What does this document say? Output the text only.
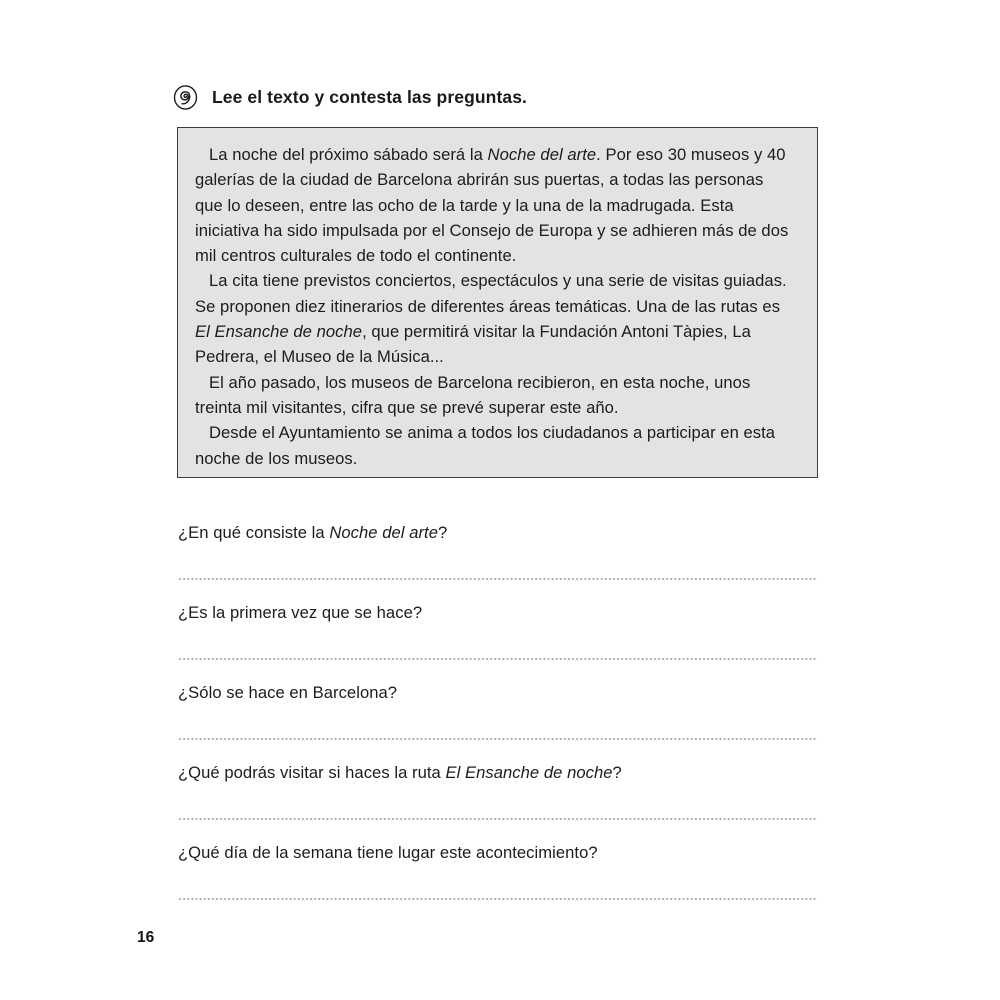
Lee el texto y contesta las preguntas.

La noche del próximo sábado será la Noche del arte. Por eso 30 museos y 40 galerías de la ciudad de Barcelona abrirán sus puertas, a todas las personas que lo deseen, entre las ocho de la tarde y la una de la madrugada. Esta iniciativa ha sido impulsada por el Consejo de Europa y se adhieren más de dos mil centros culturales de todo el continente.

La cita tiene previstos conciertos, espectáculos y una serie de visitas guiadas. Se proponen diez itinerarios de diferentes áreas temáticas. Una de las rutas es El Ensanche de noche, que permitirá visitar la Fundación Antoni Tàpies, La Pedrera, el Museo de la Música...

El año pasado, los museos de Barcelona recibieron, en esta noche, unos treinta mil visitantes, cifra que se prevé superar este año.

Desde el Ayuntamiento se anima a todos los ciudadanos a participar en esta noche de los museos.

¿En qué consiste la Noche del arte?
¿Es la primera vez que se hace?
¿Sólo se hace en Barcelona?
¿Qué podrás visitar si haces la ruta El Ensanche de noche?
¿Qué día de la semana tiene lugar este acontecimiento?
16
